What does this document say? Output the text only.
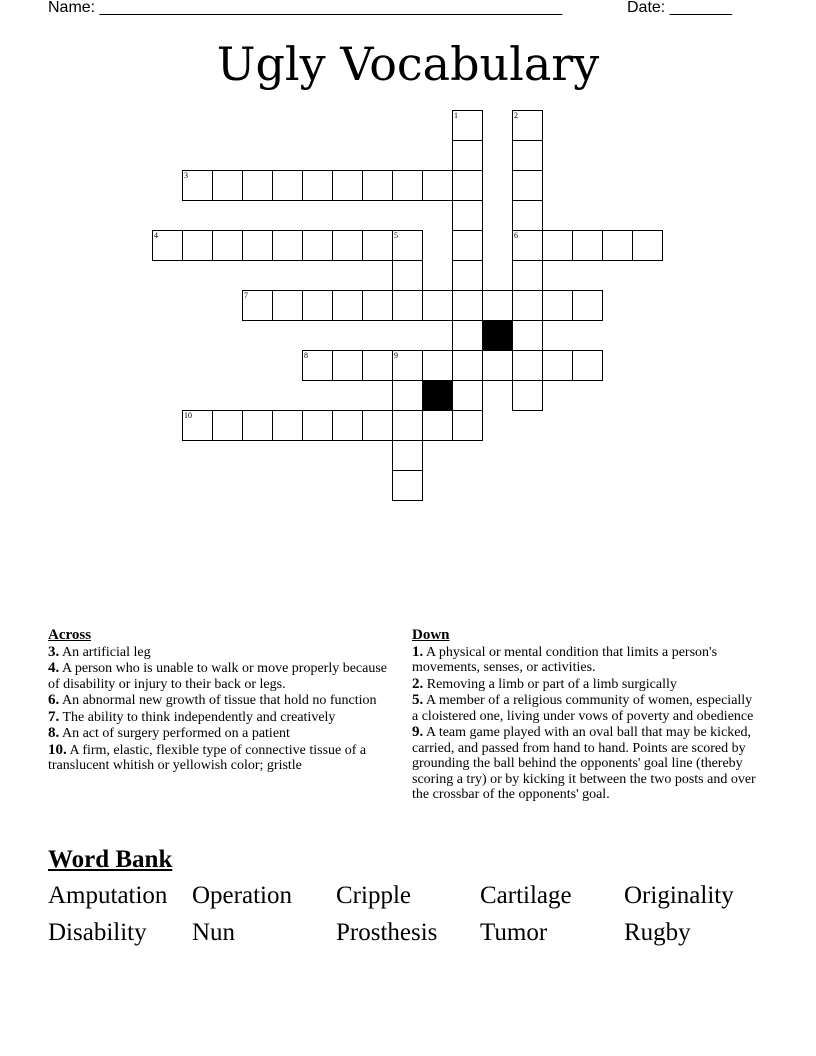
Name: ____________________________________________________	Date: _______
Ugly Vocabulary
1	2
3
4	5	6
7
8	9
10
Across
3. An artificial leg
4. A person who is unable to walk or move properly because of disability or injury to their back or legs.
6. An abnormal new growth of tissue that hold no function
7. The ability to think independently and creatively
8. An act of surgery performed on a patient
10. A firm, elastic, flexible type of connective tissue of a translucent whitish or yellowish color; gristle
Down
1. A physical or mental condition that limits a person's movements, senses, or activities.
2. Removing a limb or part of a limb surgically
5. A member of a religious community of women, especially a cloistered one, living under vows of poverty and obedience
9. A team game played with an oval ball that may be kicked, carried, and passed from hand to hand. Points are scored by grounding the ball behind the opponents' goal line (thereby scoring a try) or by kicking it between the two posts and over the crossbar of the opponents' goal.
Word Bank
Amputation Operation	Cripple	Cartilage	Originality
Disability	Nun	Prosthesis	Tumor	Rugby
